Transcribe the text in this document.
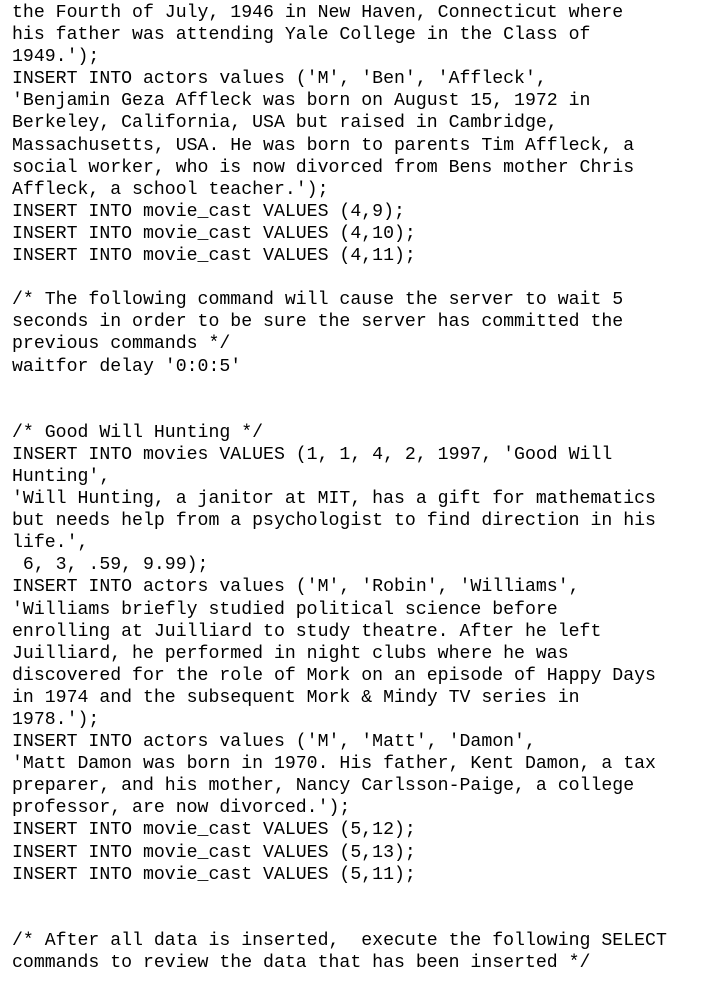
the Fourth of July, 1946 in New Haven, Connecticut where
his father was attending Yale College in the Class of
1949.');
INSERT INTO actors values ('M', 'Ben', 'Affleck',
'Benjamin Geza Affleck was born on August 15, 1972 in
Berkeley, California, USA but raised in Cambridge,
Massachusetts, USA. He was born to parents Tim Affleck, a
social worker, who is now divorced from Bens mother Chris
Affleck, a school teacher.');
INSERT INTO movie_cast VALUES (4,9);
INSERT INTO movie_cast VALUES (4,10);
INSERT INTO movie_cast VALUES (4,11);
/* The following command will cause the server to wait 5
seconds in order to be sure the server has committed the
previous commands */
waitfor delay '0:0:5'
/* Good Will Hunting */
INSERT INTO movies VALUES (1, 1, 4, 2, 1997, 'Good Will
Hunting',
'Will Hunting, a janitor at MIT, has a gift for mathematics
but needs help from a psychologist to find direction in his
life.',
6, 3, .59, 9.99);
INSERT INTO actors values ('M', 'Robin', 'Williams',
'Williams briefly studied political science before
enrolling at Juilliard to study theatre. After he left
Juilliard, he performed in night clubs where he was
discovered for the role of Mork on an episode of Happy Days
in 1974 and the subsequent Mork & Mindy TV series in
1978.');
INSERT INTO actors values ('M', 'Matt', 'Damon',
'Matt Damon was born in 1970. His father, Kent Damon, a tax
preparer, and his mother, Nancy Carlsson-Paige, a college
professor, are now divorced.');
INSERT INTO movie_cast VALUES (5,12);
INSERT INTO movie_cast VALUES (5,13);
INSERT INTO movie_cast VALUES (5,11);
/* After all data is inserted,  execute the following SELECT
commands to review the data that has been inserted */
